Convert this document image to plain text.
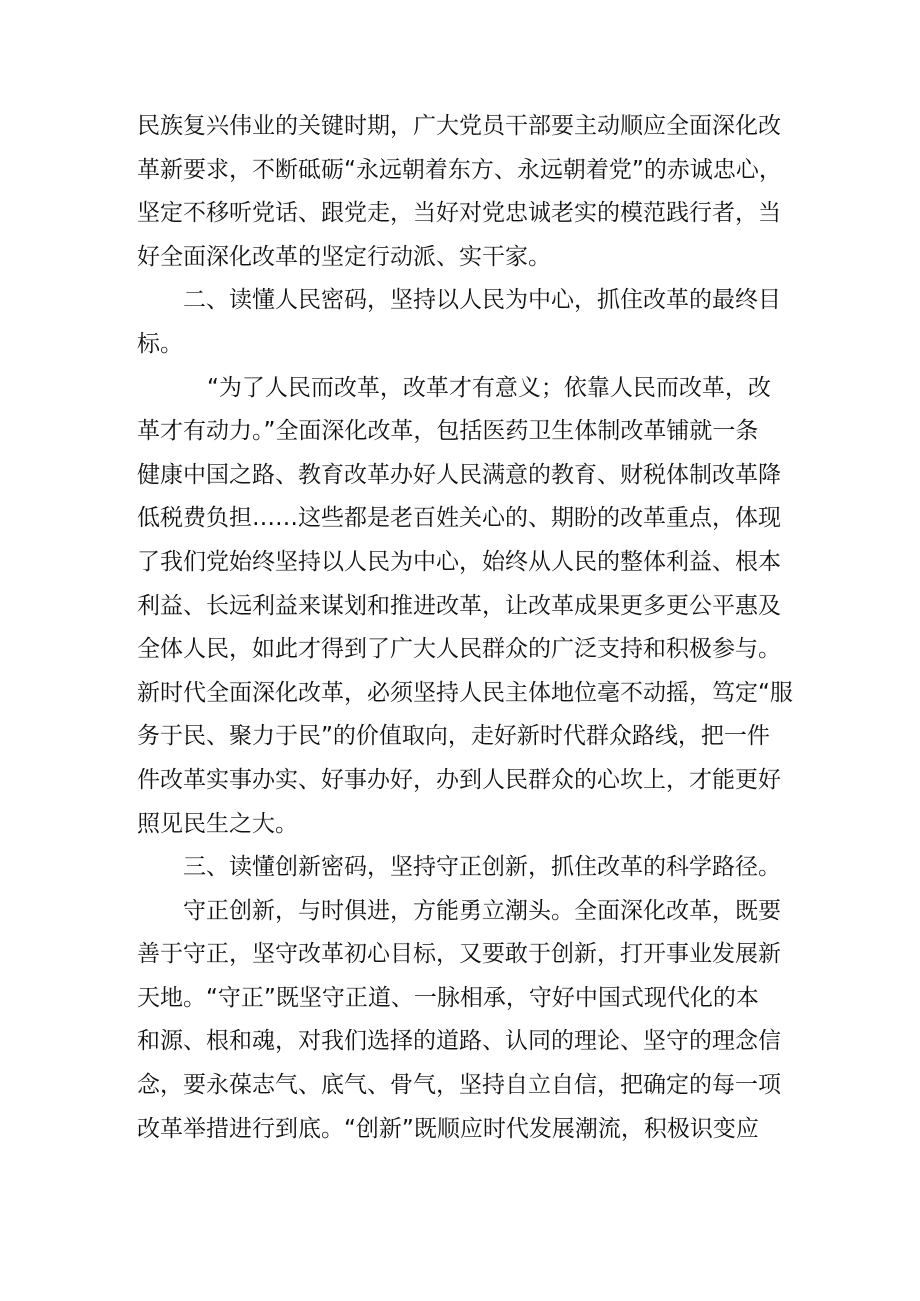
民族复兴伟业的关键时期，广大党员干部要主动顺应全面深化改
革新要求，不断砥砺“永远朝着东方、永远朝着党”的赤诚忠心，
坚定不移听党话、跟党走，当好对党忠诚老实的模范践行者，当
好全面深化改革的坚定行动派、实干家。
二、读懂人民密码，坚持以人民为中心，抓住改革的最终目
标。
“为了人民而改革，改革才有意义；依靠人民而改革，改
革才有动力。”全面深化改革，包括医药卫生体制改革铺就一条
健康中国之路、教育改革办好人民满意的教育、财税体制改革降
低税费负担……这些都是老百姓关心的、期盼的改革重点，体现
了我们党始终坚持以人民为中心，始终从人民的整体利益、根本
利益、长远利益来谋划和推进改革，让改革成果更多更公平惠及
全体人民，如此才得到了广大人民群众的广泛支持和积极参与。
新时代全面深化改革，必须坚持人民主体地位毫不动摇，笃定“服
务于民、聚力于民”的价值取向，走好新时代群众路线，把一件
件改革实事办实、好事办好，办到人民群众的心坎上，才能更好
照见民生之大。
三、读懂创新密码，坚持守正创新，抓住改革的科学路径。
守正创新，与时俱进，方能勇立潮头。全面深化改革，既要
善于守正，坚守改革初心目标，又要敢于创新，打开事业发展新
天地。“守正”既坚守正道、一脉相承，守好中国式现代化的本
和源、根和魂，对我们选择的道路、认同的理论、坚守的理念信
念，要永葆志气、底气、骨气，坚持自立自信，把确定的每一项
改革举措进行到底。“创新”既顺应时代发展潮流，积极识变应
